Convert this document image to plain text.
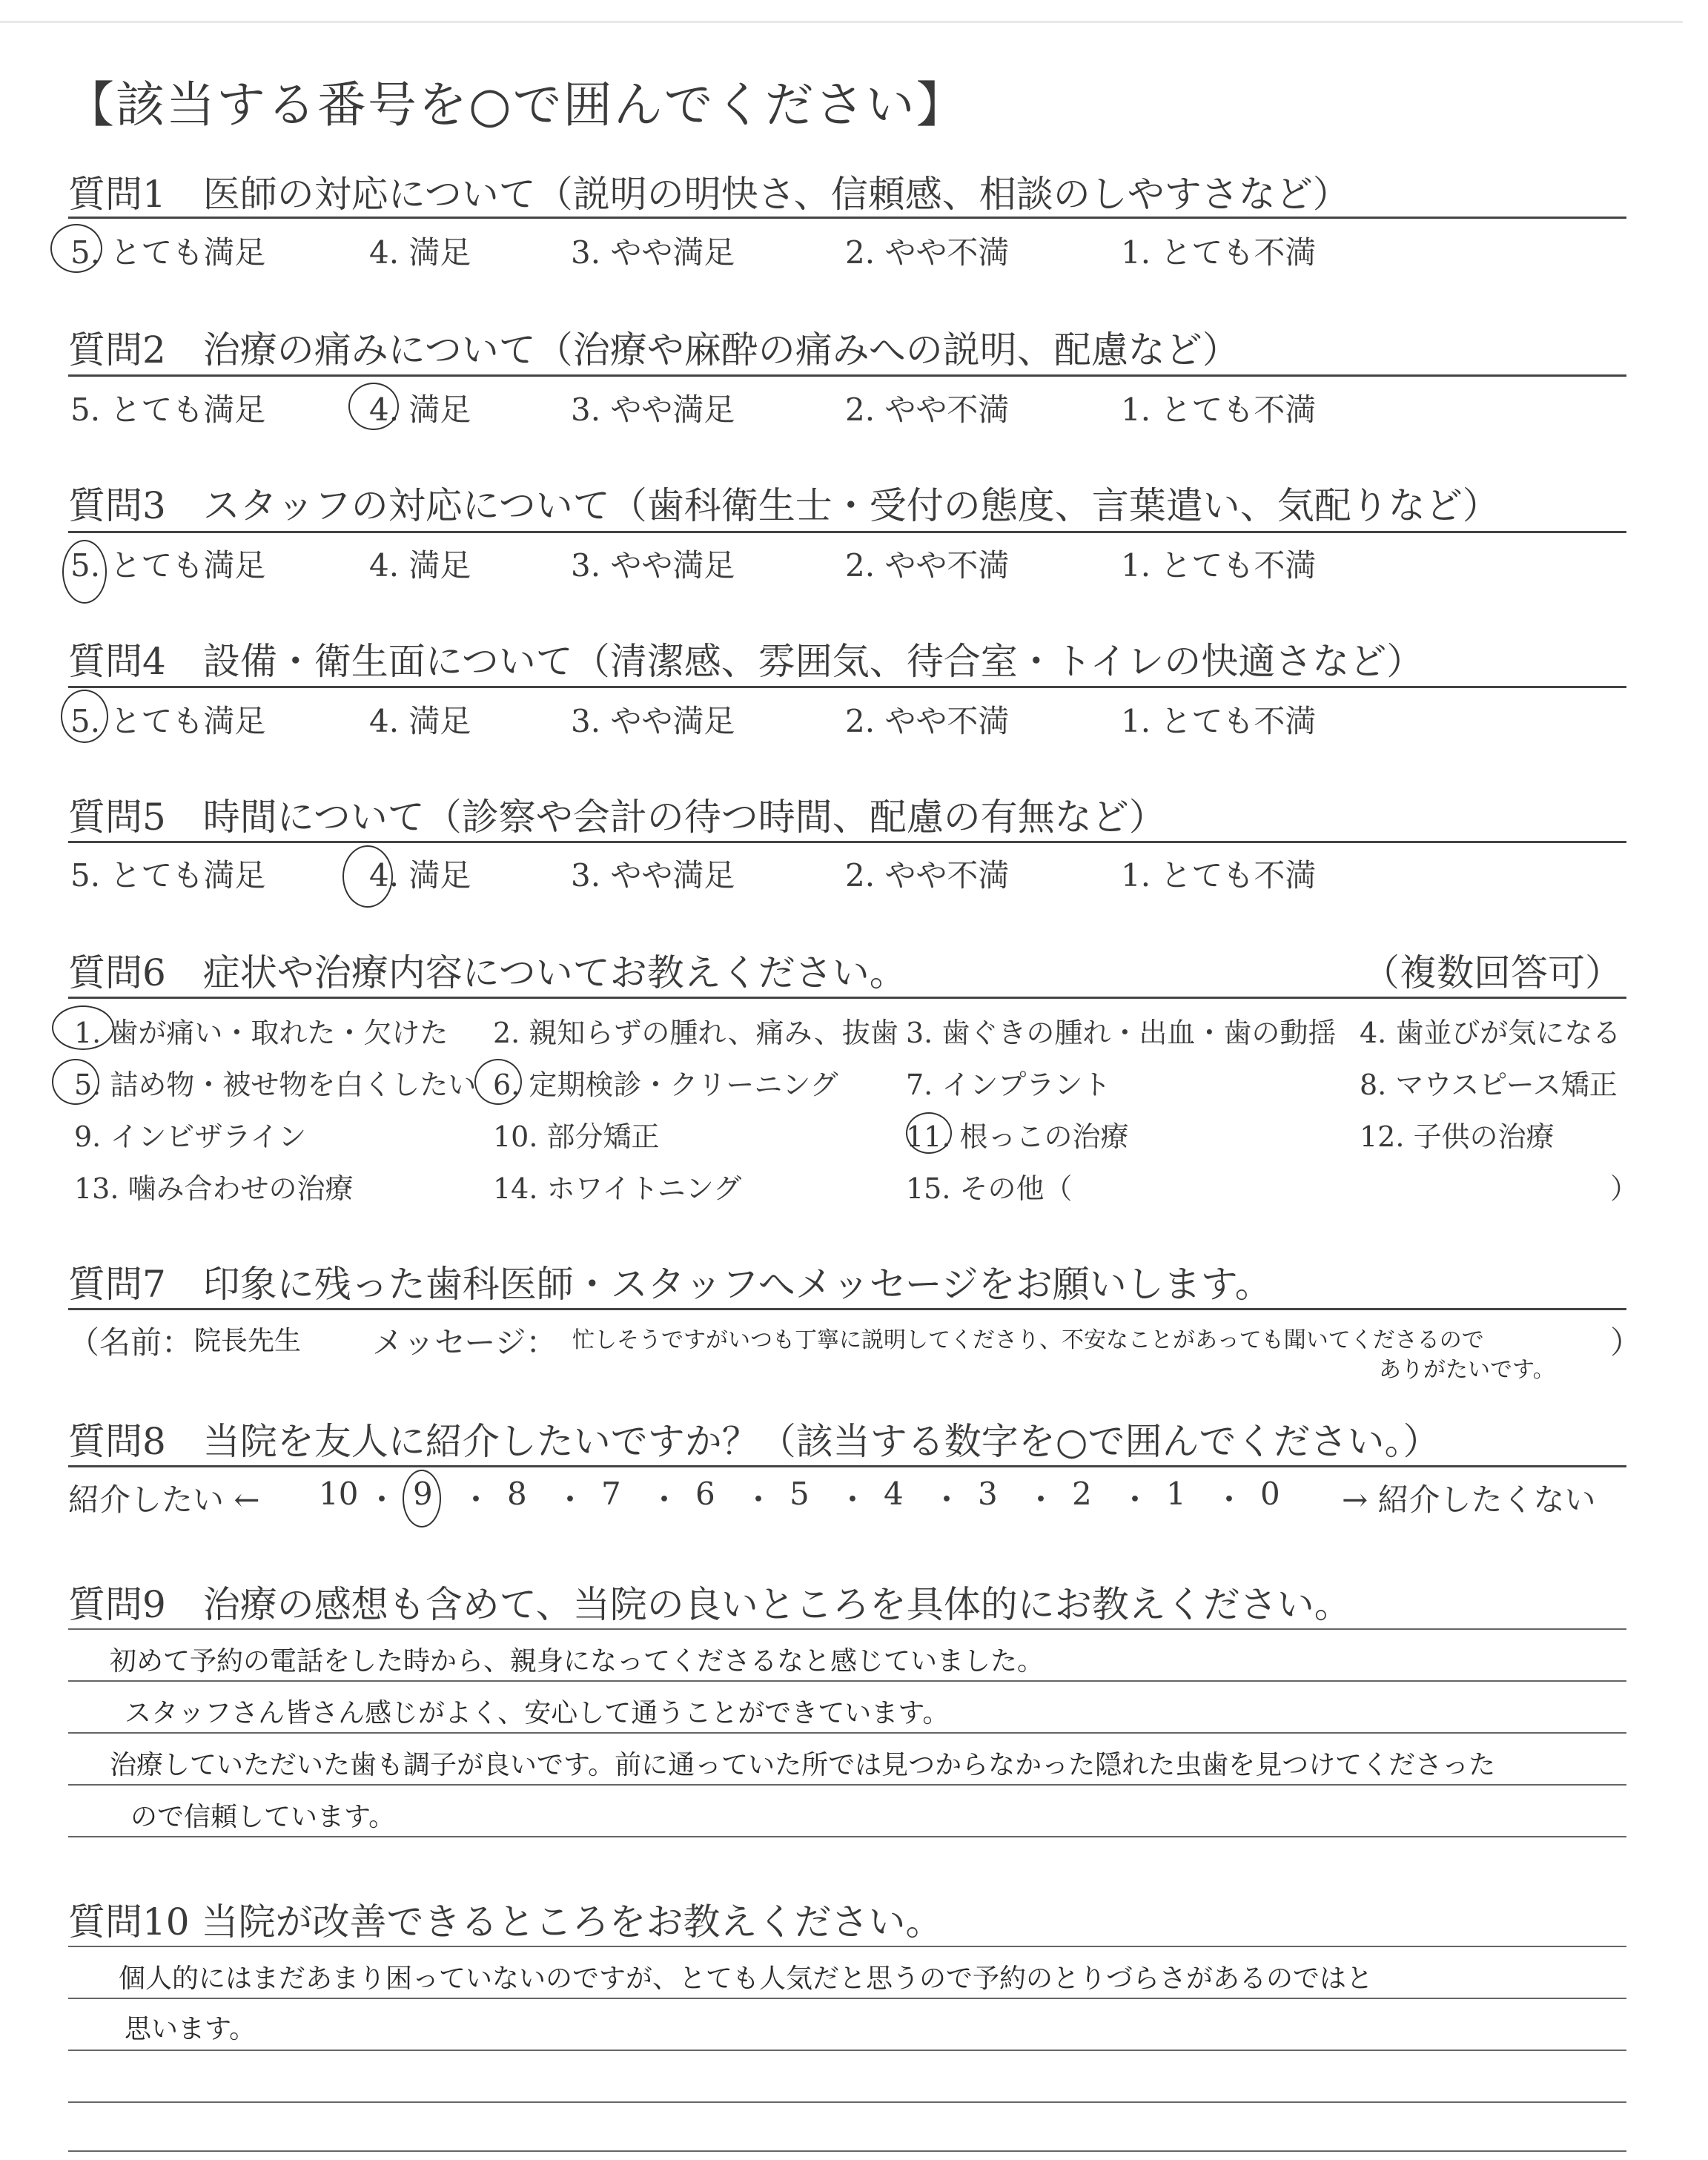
【該当する番号を○で囲んでください】
質問1　医師の対応について（説明の明快さ、信頼感、相談のしやすさなど）
5. とても満足	4. 満足	3. やや満足	2. やや不満	1. とても不満
質問2　治療の痛みについて（治療や麻酔の痛みへの説明、配慮など）
5. とても満足	4. 満足	3. やや満足	2. やや不満	1. とても不満
質問3　スタッフの対応について（歯科衛生士・受付の態度、言葉遣い、気配りなど）
5. とても満足	4. 満足	3. やや満足	2. やや不満	1. とても不満
質問4　設備・衛生面について（清潔感、雰囲気、待合室・トイレの快適さなど）
5. とても満足	4. 満足	3. やや満足	2. やや不満	1. とても不満
質問5　時間について（診察や会計の待つ時間、配慮の有無など）
5. とても満足	4. 満足	3. やや満足	2. やや不満	1. とても不満
質問6　症状や治療内容についてお教えください。	（複数回答可）
1. 歯が痛い・取れた・欠けた 2. 親知らずの腫れ、痛み、抜歯 3. 歯ぐきの腫れ・出血・歯の動揺 4. 歯並びが気になる
5. 詰め物・被せ物を白くしたい 6. 定期検診・クリーニング 7. インプラント	8. マウスピース矯正
9. インビザライン	10. 部分矯正	11. 根っこの治療	12. 子供の治療
13. 噛み合わせの治療	14. ホワイトニング	15. その他（	）
質問7　印象に残った歯科医師・スタッフへメッセージをお願いします。
（名前： 院長先生 メッセージ： 忙しそうですがいつも丁寧に説明してくださり、不安なことがあっても聞いてくださるので
ありがたいです。
）
質問8　当院を友人に紹介したいですか？（該当する数字を○で囲んでください。）
紹介したい ← 10 ・ 9 ・ 8 ・ 7 ・ 6 ・ 5 ・ 4 ・ 3 ・ 2 ・ 1 ・ 0 → 紹介したくない
質問9　治療の感想も含めて、当院の良いところを具体的にお教えください。
初めて予約の電話をした時から、親身になってくださるなと感じていました。
スタッフさん皆さん感じがよく、安心して通うことができています。
治療していただいた歯も調子が良いです。前に通っていた所では見つからなかった隠れた虫歯を見つけてくださった
ので信頼しています。
質問10 当院が改善できるところをお教えください。
個人的にはまだあまり困っていないのですが、とても人気だと思うので予約のとりづらさがあるのではと
思います。
